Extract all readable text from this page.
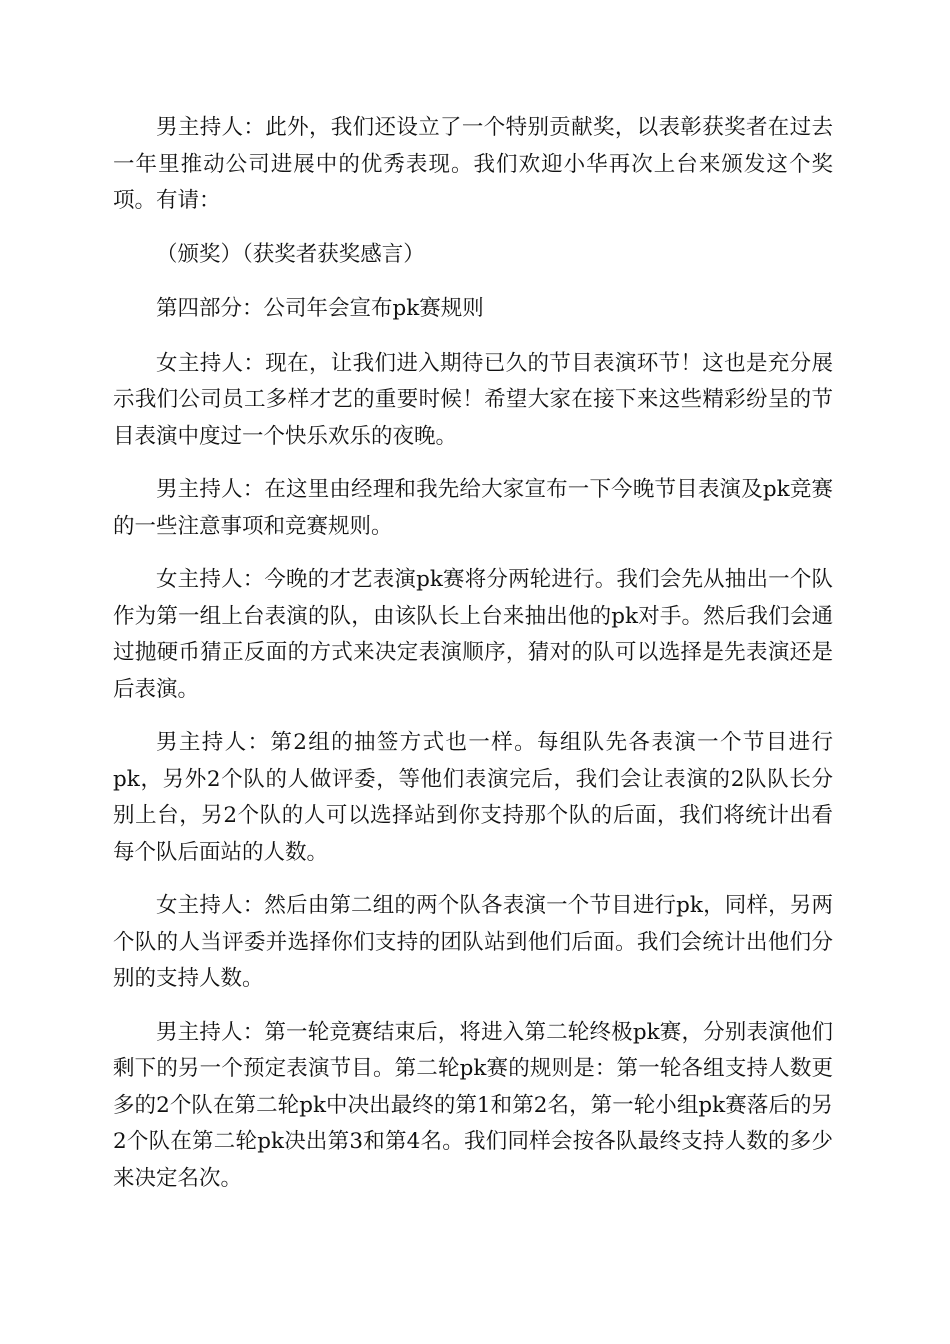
男主持人：此外，我们还设立了一个特别贡献奖，以表彰获奖者在过去一年里推动公司进展中的优秀表现。我们欢迎小华再次上台来颁发这个奖项。有请：

（颁奖）（获奖者获奖感言）

第四部分：公司年会宣布pk赛规则

女主持人：现在，让我们进入期待已久的节目表演环节！这也是充分展示我们公司员工多样才艺的重要时候！希望大家在接下来这些精彩纷呈的节目表演中度过一个快乐欢乐的夜晚。

男主持人：在这里由经理和我先给大家宣布一下今晚节目表演及pk竞赛的一些注意事项和竞赛规则。

女主持人：今晚的才艺表演pk赛将分两轮进行。我们会先从抽出一个队作为第一组上台表演的队，由该队长上台来抽出他的pk对手。然后我们会通过抛硬币猜正反面的方式来决定表演顺序，猜对的队可以选择是先表演还是后表演。

男主持人：第2组的抽签方式也一样。每组队先各表演一个节目进行pk，另外2个队的人做评委，等他们表演完后，我们会让表演的2队队长分别上台，另2个队的人可以选择站到你支持那个队的后面，我们将统计出看每个队后面站的人数。

女主持人：然后由第二组的两个队各表演一个节目进行pk，同样，另两个队的人当评委并选择你们支持的团队站到他们后面。我们会统计出他们分别的支持人数。

男主持人：第一轮竞赛结束后，将进入第二轮终极pk赛，分别表演他们剩下的另一个预定表演节目。第二轮pk赛的规则是：第一轮各组支持人数更多的2个队在第二轮pk中决出最终的第1和第2名，第一轮小组pk赛落后的另2个队在第二轮pk决出第3和第4名。我们同样会按各队最终支持人数的多少来决定名次。
